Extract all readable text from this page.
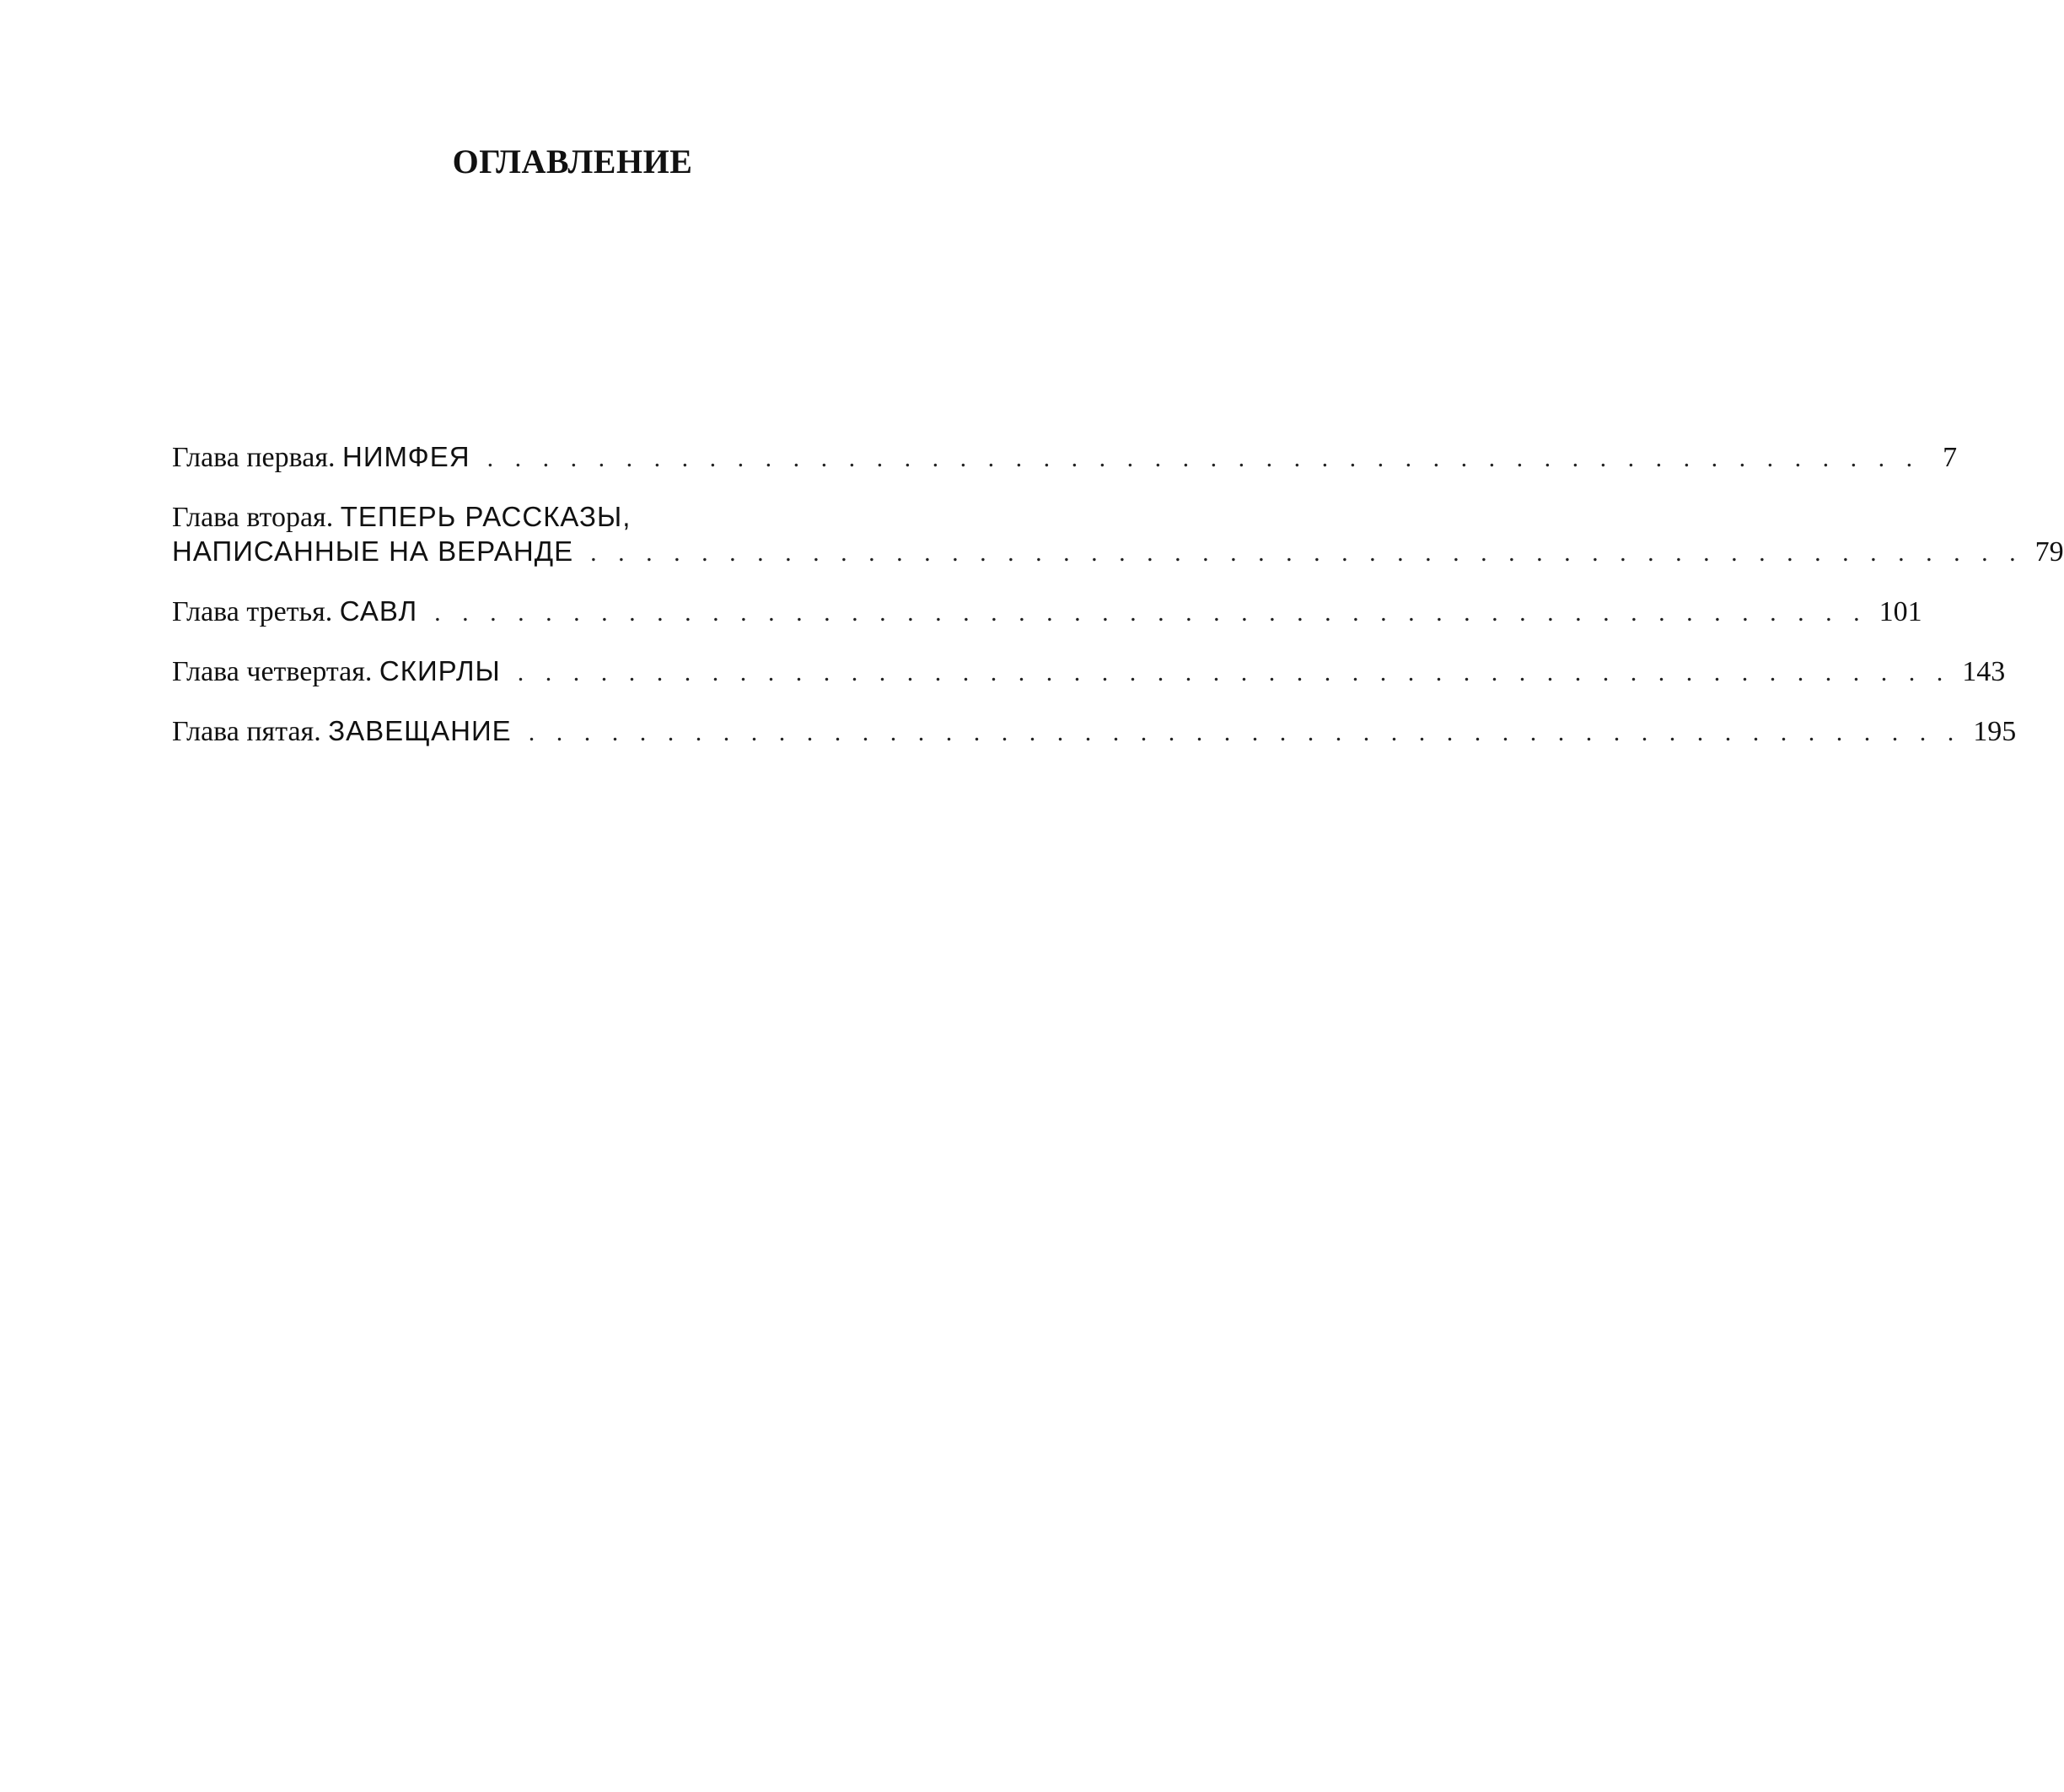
ОГЛАВЛЕНИЕ
Глава первая. НИМФЕЯ . . . . . . . . . . . . . . . . . . . . . . . . . . . . . . . . . . . . . . . . . . . . . . . . . . . . 7
Глава вторая. ТЕПЕРЬ РАССКАЗЫ,
НАПИСАННЫЕ НА ВЕРАНДЕ . . . . . . . . . . . . . . . . . . . . . . . . . . . . . . . . . . . . . . . . . . . . . . . . . . . . 79
Глава третья. САВЛ . . . . . . . . . . . . . . . . . . . . . . . . . . . . . . . . . . . . . . . . . . . . . . . . . . . . 101
Глава четвертая. СКИРЛЫ . . . . . . . . . . . . . . . . . . . . . . . . . . . . . . . . . . . . . . . . . . . . . . . . . . . . 143
Глава пятая. ЗАВЕЩАНИЕ . . . . . . . . . . . . . . . . . . . . . . . . . . . . . . . . . . . . . . . . . . . . . . . . . . . . 195
